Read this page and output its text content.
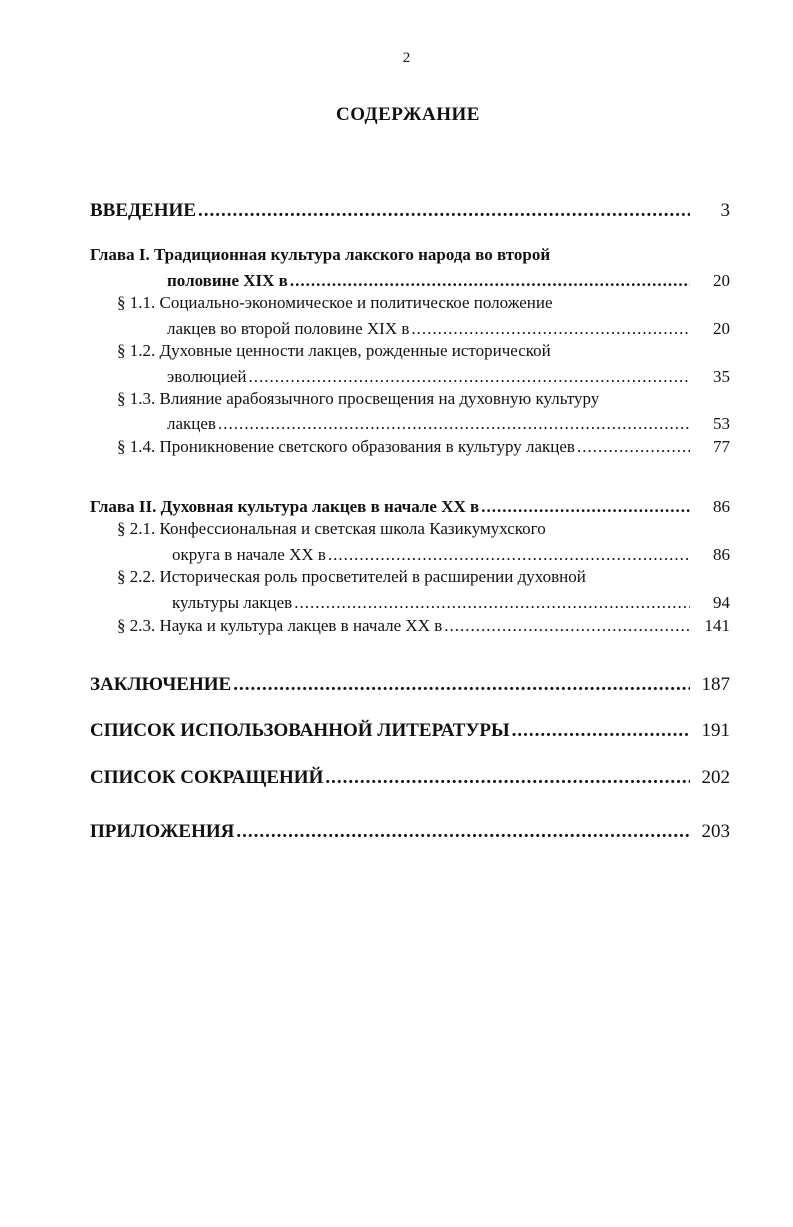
2
СОДЕРЖАНИЕ
ВВЕДЕНИЕ .....	3
Глава I. Традиционная культура лакского народа во второй
половине XIX в .....	20
§ 1.1. Социально-экономическое и политическое положение
лакцев во второй половине XIX в .....	20
§ 1.2. Духовные ценности лакцев, рожденные исторической
эволюцией .....	35
§ 1.3. Влияние арабоязычного просвещения на духовную культуру
лакцев .....	53
§ 1.4. Проникновение светского образования в культуру лакцев .....	77
Глава II. Духовная культура лакцев в начале XX в .....	86
§ 2.1. Конфессиональная и светская школа Казикумухского
округа в начале XX в .....	86
§ 2.2. Историческая роль просветителей в расширении духовной
культуры лакцев .....	94
§ 2.3. Наука и культура лакцев в начале XX в .....	141
ЗАКЛЮЧЕНИЕ .....	187
СПИСОК ИСПОЛЬЗОВАННОЙ ЛИТЕРАТУРЫ .....	191
СПИСОК СОКРАЩЕНИЙ .....	202
ПРИЛОЖЕНИЯ .....	203
